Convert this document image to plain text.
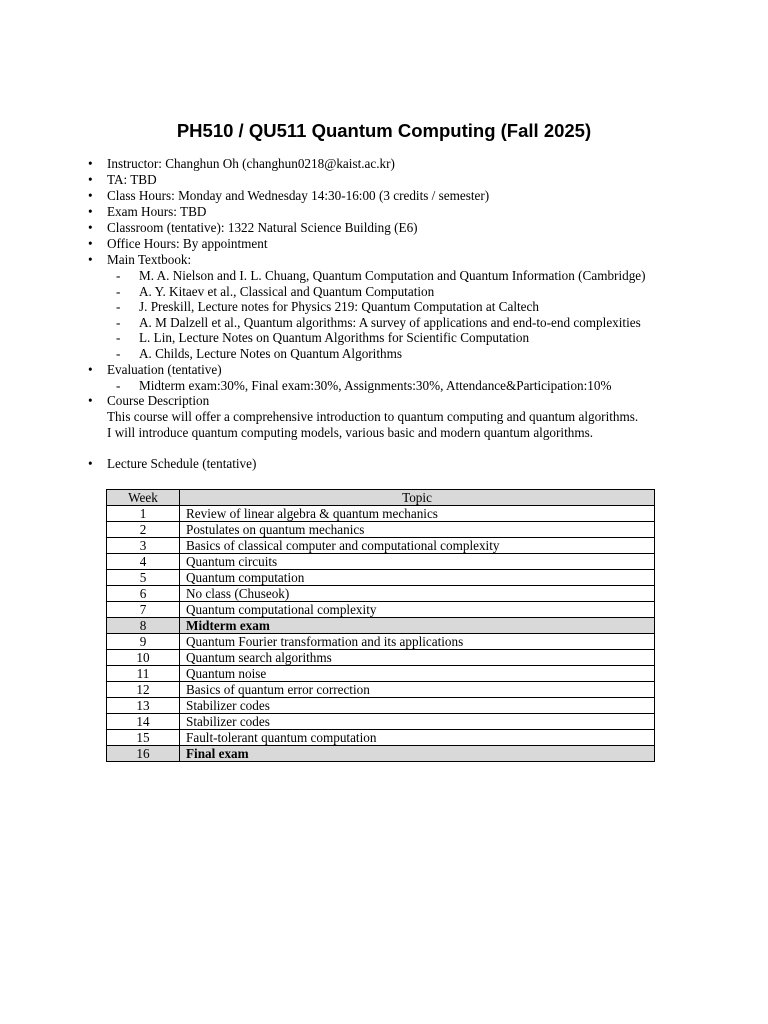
PH510 / QU511 Quantum Computing (Fall 2025)
• Instructor: Changhun Oh (changhun0218@kaist.ac.kr)
• TA: TBD
• Class Hours: Monday and Wednesday 14:30-16:00 (3 credits / semester)
• Exam Hours: TBD
• Classroom (tentative): 1322 Natural Science Building (E6)
• Office Hours: By appointment
• Main Textbook:
- M. A. Nielson and I. L. Chuang, Quantum Computation and Quantum Information (Cambridge)
- A. Y. Kitaev et al., Classical and Quantum Computation
- J. Preskill, Lecture notes for Physics 219: Quantum Computation at Caltech
- A. M Dalzell et al., Quantum algorithms: A survey of applications and end-to-end complexities
- L. Lin, Lecture Notes on Quantum Algorithms for Scientific Computation
- A. Childs, Lecture Notes on Quantum Algorithms
• Evaluation (tentative)
- Midterm exam:30%, Final exam:30%, Assignments:30%, Attendance&Participation:10%
• Course Description
This course will offer a comprehensive introduction to quantum computing and quantum algorithms.
I will introduce quantum computing models, various basic and modern quantum algorithms.
• Lecture Schedule (tentative)
Week	Topic
1	Review of linear algebra & quantum mechanics
2	Postulates on quantum mechanics
3	Basics of classical computer and computational complexity
4	Quantum circuits
5	Quantum computation
6	No class (Chuseok)
7	Quantum computational complexity
8	Midterm exam
9	Quantum Fourier transformation and its applications
10	Quantum search algorithms
11	Quantum noise
12	Basics of quantum error correction
13	Stabilizer codes
14	Stabilizer codes
15	Fault-tolerant quantum computation
16	Final exam
